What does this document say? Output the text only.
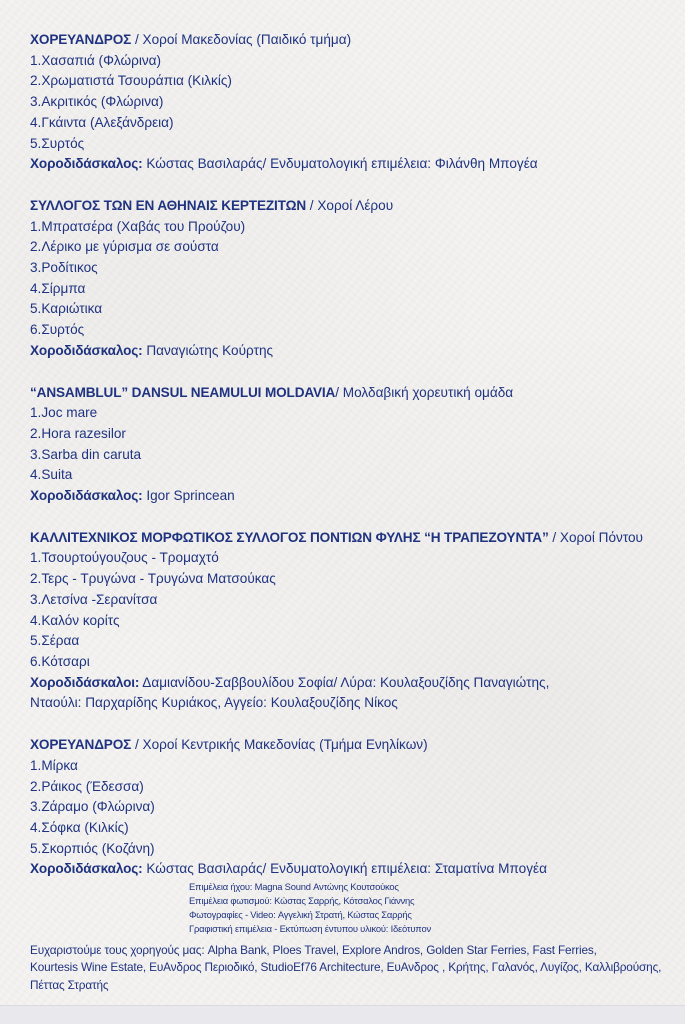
ΧΟΡΕΥΑΝΔΡΟΣ / Χοροί Μακεδονίας (Παιδικό τμήμα)
1.Χασαπιά (Φλώρινα)
2.Χρωματιστά Τσουράπια (Κιλκίς)
3.Ακριτικός (Φλώρινα)
4.Γκάιντα (Αλεξάνδρεια)
5.Συρτός
Χοροδιδάσκαλος: Κώστας Βασιλαράς/ Ενδυματολογική επιμέλεια: Φιλάνθη Μπογέα
ΣΥΛΛΟΓΟΣ ΤΩΝ ΕΝ ΑΘΗΝΑΙΣ ΚΕΡΤΕΖΙΤΩΝ / Χοροί Λέρου
1.Μπρατσέρα (Χαβάς του Προύζου)
2.Λέρικο με γύρισμα σε σούστα
3.Ροδίτικος
4.Σίρμπα
5.Καριώτικα
6.Συρτός
Χοροδιδάσκαλος: Παναγιώτης Κούρτης
“ANSAMBLUL” DANSUL NEAMULUI MOLDAVIA/ Μολδαβική χορευτική ομάδα
1.Joc mare
2.Hora razesilor
3.Sarba din caruta
4.Suita
Χοροδιδάσκαλος: Igor Sprincean
ΚΑΛΛΙΤΕΧΝΙΚΟΣ ΜΟΡΦΩΤΙΚΟΣ ΣΥΛΛΟΓΟΣ ΠΟΝΤΙΩΝ ΦΥΛΗΣ “Η ΤΡΑΠΕΖΟΥΝΤΑ” / Χοροί Πόντου
1.Τσουρτούγουζους - Τρομαχτό
2.Τερς - Τρυγώνα - Τρυγώνα Ματσούκας
3.Λετσίνα -Σερανίτσα
4.Καλόν κορίτς
5.Σέραα
6.Κότσαρι
Χοροδιδάσκαλοι: Δαμιανίδου-Σαββουλίδου Σοφία/ Λύρα: Κουλαξουζίδης Παναγιώτης,
Νταούλι: Παρχαρίδης Κυριάκος, Αγγείο: Κουλαξουζίδης Νίκος
ΧΟΡΕΥΑΝΔΡΟΣ / Χοροί Κεντρικής Μακεδονίας (Τμήμα Ενηλίκων)
1.Μίρκα
2.Ράικος (Έδεσσα)
3.Ζάραμο (Φλώρινα)
4.Σόφκα (Κιλκίς)
5.Σκορπιός (Κοζάνη)
Χοροδιδάσκαλος: Κώστας Βασιλαράς/ Ενδυματολογική επιμέλεια: Σταματίνα Μπογέα
Επιμέλεια ήχου: Magna Sound Αντώνης Κουτσούκος
Επιμέλεια φωτισμού: Κώστας Σαρρής, Κότσαλος Γιάννης
Φωτογραφίες - Video: Αγγελική Στρατή, Κώστας Σαρρής
Γραφιστική επιμέλεια - Εκτύπωση έντυπου υλικού: Ιδεότυπον
Ευχαριστούμε τους χορηγούς μας: Alpha Bank, Ploes Travel, Explore Andros, Golden Star Ferries, Fast Ferries,
Kourtesis Wine Estate, ΕυΑνδρος Περιοδικό, StudioEf76 Architecture, ΕυΑνδρος , Κρήτης, Γαλανός, Λυγίζος, Καλλιβρούσης,
Πέττας Στρατής
